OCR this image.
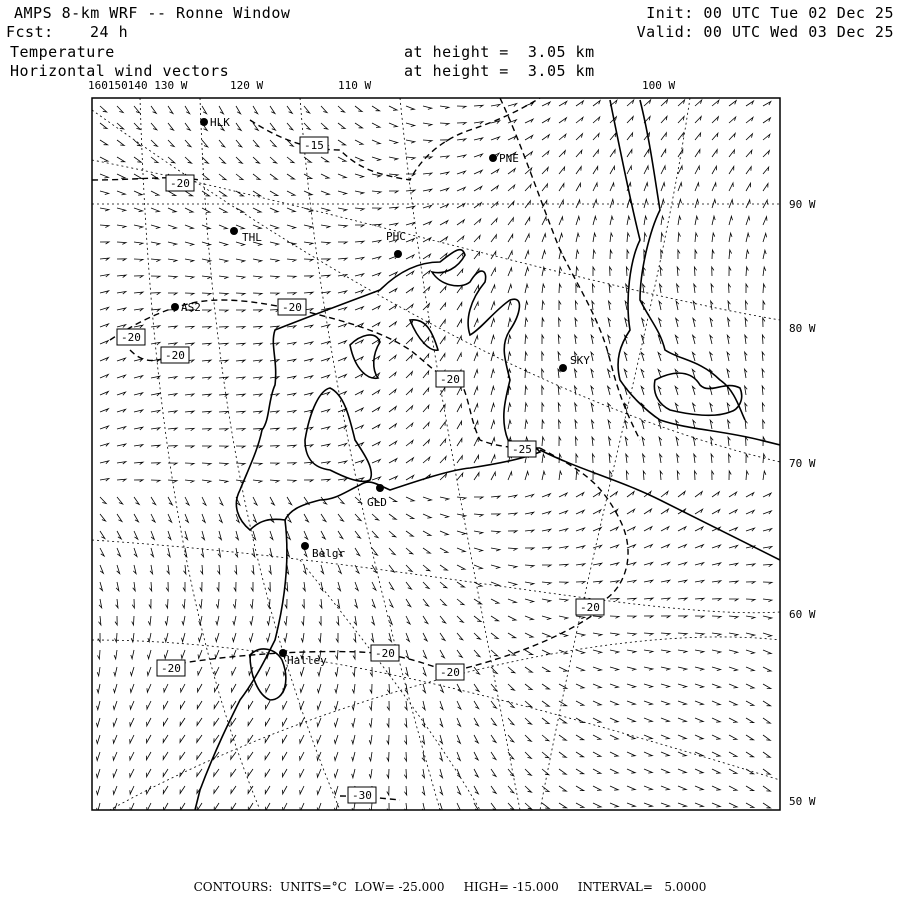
AMPS 8-km WRF -- Ronne Window
Fcst: 24 h
Temperature
Horizontal wind vectors
at height =  3.05 km
at height =  3.05 km
Init: 00 UTC Tue 02 Dec 25
Valid: 00 UTC Wed 03 Dec 25
160150140 130 W	120 W	110 W	100 W
90 W
80 W
70 W
60 W
50 W
-15
-20
-20
-20
-20
-20
-20
-25
-20
-20	-20
-30
HLK
PNE
THL	PHC
AS2
SKY
GLD
Belgr
Halley
CONTOURS:  UNITS=°C  LOW= -25.000     HIGH= -15.000     INTERVAL=   5.0000
